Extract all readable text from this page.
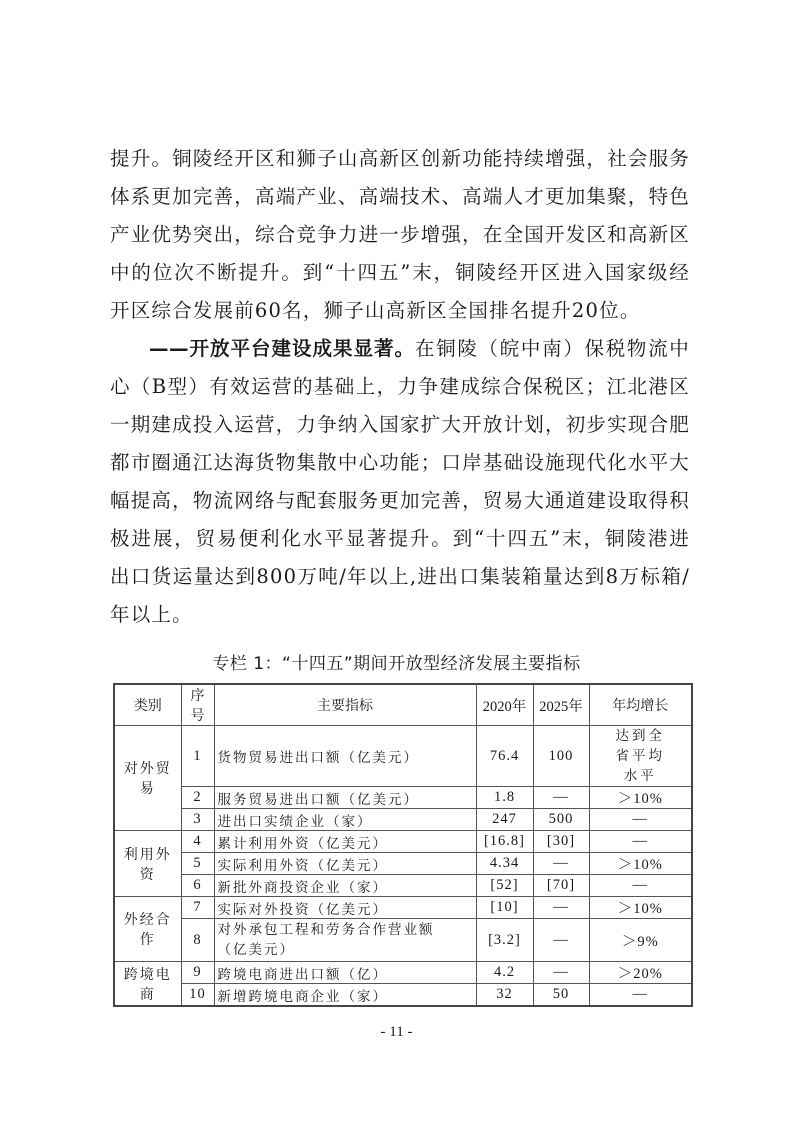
提升。铜陵经开区和狮子山高新区创新功能持续增强，社会服务体系更加完善，高端产业、高端技术、高端人才更加集聚，特色产业优势突出，综合竞争力进一步增强，在全国开发区和高新区中的位次不断提升。到“十四五”末，铜陵经开区进入国家级经开区综合发展前60名，狮子山高新区全国排名提升20位。

——开放平台建设成果显著。在铜陵（皖中南）保税物流中心（B型）有效运营的基础上，力争建成综合保税区；江北港区一期建成投入运营，力争纳入国家扩大开放计划，初步实现合肥都市圈通江达海货物集散中心功能；口岸基础设施现代化水平大幅提高，物流网络与配套服务更加完善，贸易大通道建设取得积极进展，贸易便利化水平显著提升。到“十四五”末，铜陵港进出口货运量达到800万吨/年以上,进出口集装箱量达到8万标箱/年以上。

专栏 1：“十四五”期间开放型经济发展主要指标
类别	序号	主要指标	2020年	2025年	年均增长
对外贸易	1	货物贸易进出口额（亿美元）	76.4	100	达到全省平均水平
	2	服务贸易进出口额（亿美元）	1.8	—	＞10%
	3	进出口实绩企业（家）	247	500	—
利用外资	4	累计利用外资（亿美元）	[16.8]	[30]	—
	5	实际利用外资（亿美元）	4.34	—	＞10%
	6	新批外商投资企业（家）	[52]	[70]	—
外经合作	7	实际对外投资（亿美元）	[10]	—	＞10%
	8	对外承包工程和劳务合作营业额（亿美元）	[3.2]	—	＞9%
跨境电商	9	跨境电商进出口额（亿）	4.2	—	＞20%
	10	新增跨境电商企业（家）	32	50	—
- 11 -
